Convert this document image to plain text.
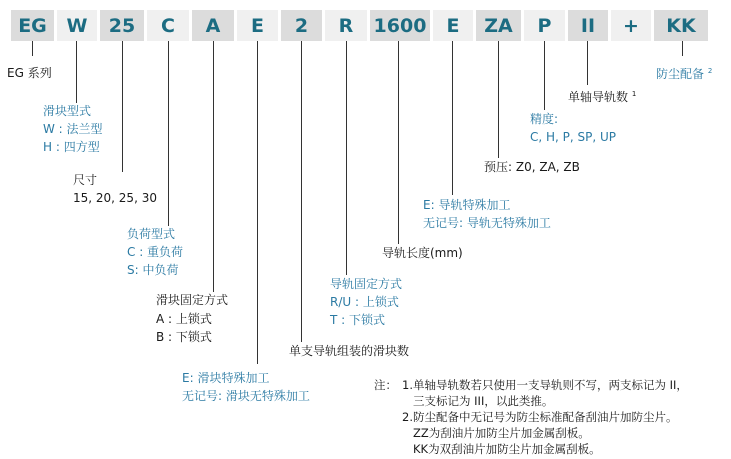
EG	W	25	C	A	E	2	R	1600	E	ZA	P	II	+	KK
EG 系列
滑块型式
W : 法兰型
H : 四方型
尺寸
15, 20, 25, 30
负荷型式
C : 重负荷
S: 中负荷
滑块固定方式
A : 上锁式
B : 下锁式
E: 滑块特殊加工
无记号: 滑块无特殊加工
单支导轨组装的滑块数
导轨固定方式
R/U : 上锁式
T : 下锁式
导轨长度(mm)
E: 导轨特殊加工
无记号: 导轨无特殊加工
预压: Z0, ZA, ZB
精度:
C, H, P, SP, UP
单轴导轨数 $^1$
防尘配备 $^2$
注： 1.单轴导轨数若只使用一支导轨则不写，两支标记为 II，
三支标记为 III，以此类推。
2.防尘配备中无记号为防尘标准配备刮油片加防尘片。
ZZ为刮油片加防尘片加金属刮板。
KK为双刮油片加防尘片加金属刮板。
